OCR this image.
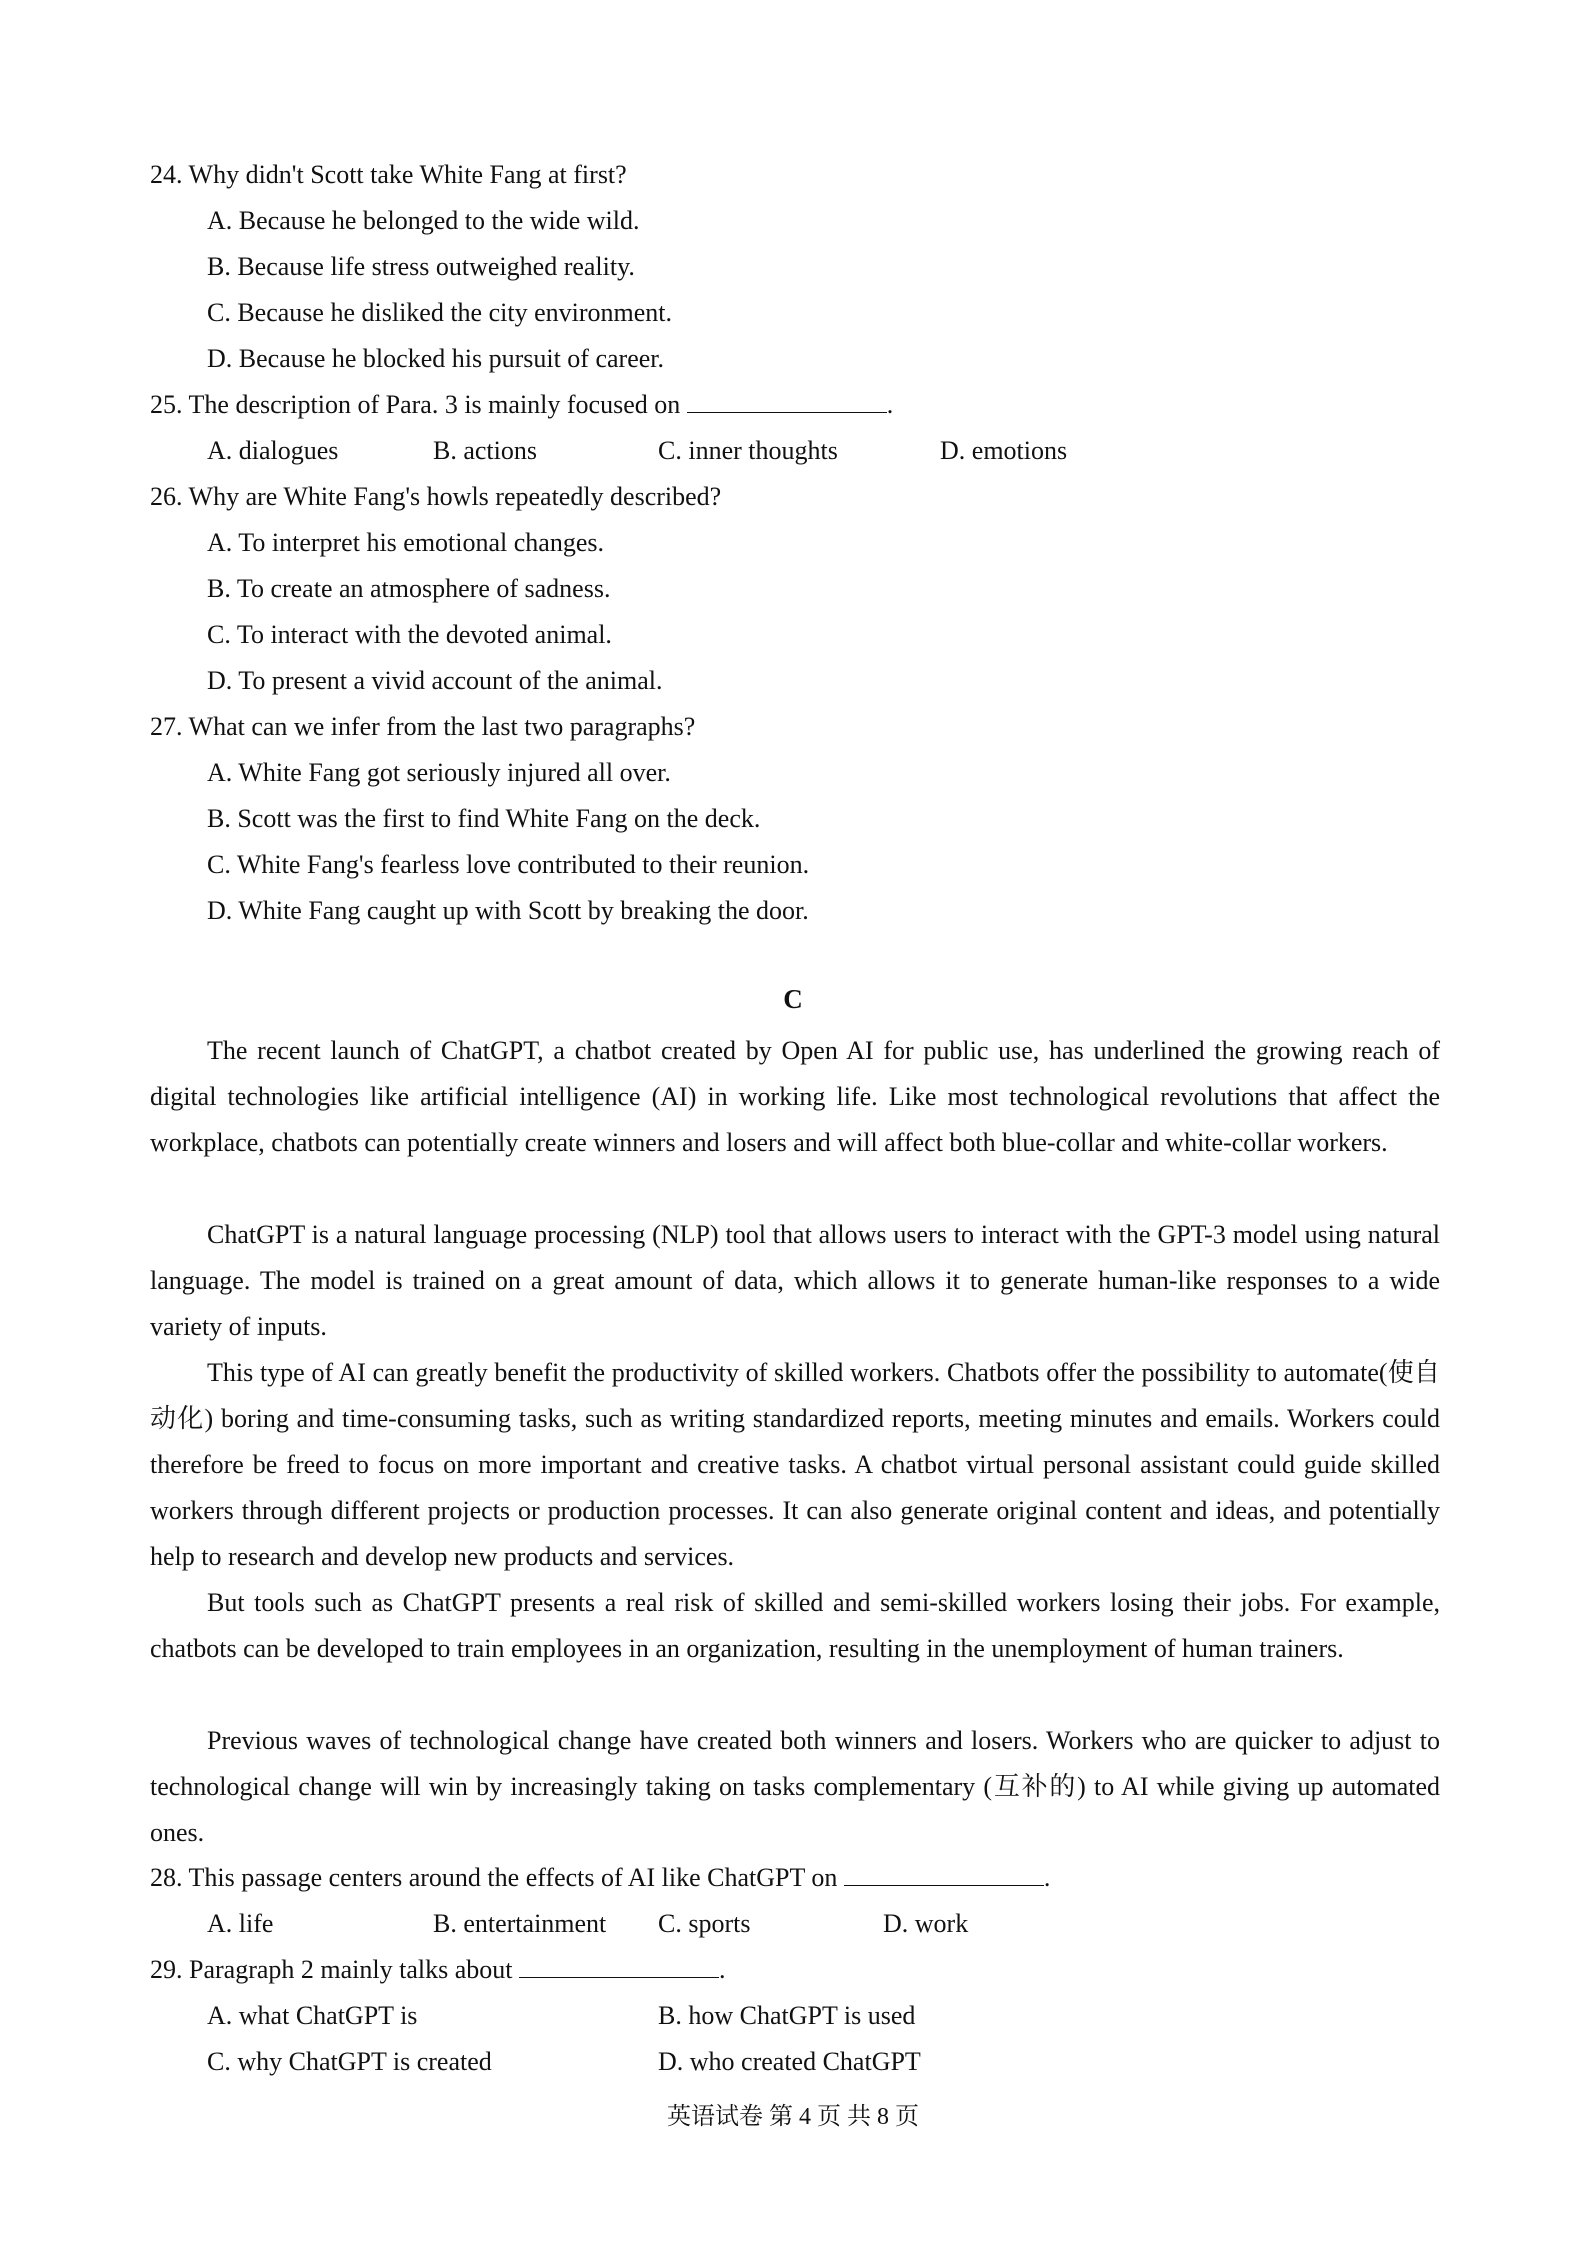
24. Why didn't Scott take White Fang at first?
A. Because he belonged to the wide wild.
B. Because life stress outweighed reality.
C. Because he disliked the city environment.
D. Because he blocked his pursuit of career.
25. The description of Para. 3 is mainly focused on	.
A. dialogues	B. actions	C. inner thoughts	D. emotions
26. Why are White Fang's howls repeatedly described?
A. To interpret his emotional changes.
B. To create an atmosphere of sadness.
C. To interact with the devoted animal.
D. To present a vivid account of the animal.
27. What can we infer from the last two paragraphs?
A. White Fang got seriously injured all over.
B. Scott was the first to find White Fang on the deck.
C. White Fang's fearless love contributed to their reunion.
D. White Fang caught up with Scott by breaking the door.
C
The recent launch of ChatGPT, a chatbot created by Open AI for public use, has underlined the growing reach of digital technologies like artificial intelligence (AI) in working life. Like most technological revolutions that affect the workplace, chatbots can potentially create winners and losers and will affect both blue-collar and white-collar workers.
ChatGPT is a natural language processing (NLP) tool that allows users to interact with the GPT-3 model using natural language. The model is trained on a great amount of data, which allows it to generate human-like responses to a wide variety of inputs.
This type of AI can greatly benefit the productivity of skilled workers. Chatbots offer the possibility to automate(使自动化) boring and time-consuming tasks, such as writing standardized reports, meeting minutes and emails. Workers could therefore be freed to focus on more important and creative tasks. A chatbot virtual personal assistant could guide skilled workers through different projects or production processes. It can also generate original content and ideas, and potentially help to research and develop new products and services.
But tools such as ChatGPT presents a real risk of skilled and semi-skilled workers losing their jobs. For example, chatbots can be developed to train employees in an organization, resulting in the unemployment of human trainers.
Previous waves of technological change have created both winners and losers. Workers who are quicker to adjust to technological change will win by increasingly taking on tasks complementary (互补的) to AI while giving up automated ones.
28. This passage centers around the effects of AI like ChatGPT on	.
A. life	B. entertainment C. sports	D. work
29. Paragraph 2 mainly talks about	.
A. what ChatGPT is	B. how ChatGPT is used
C. why ChatGPT is created	D. who created ChatGPT
英语试卷 第 4 页 共 8 页
